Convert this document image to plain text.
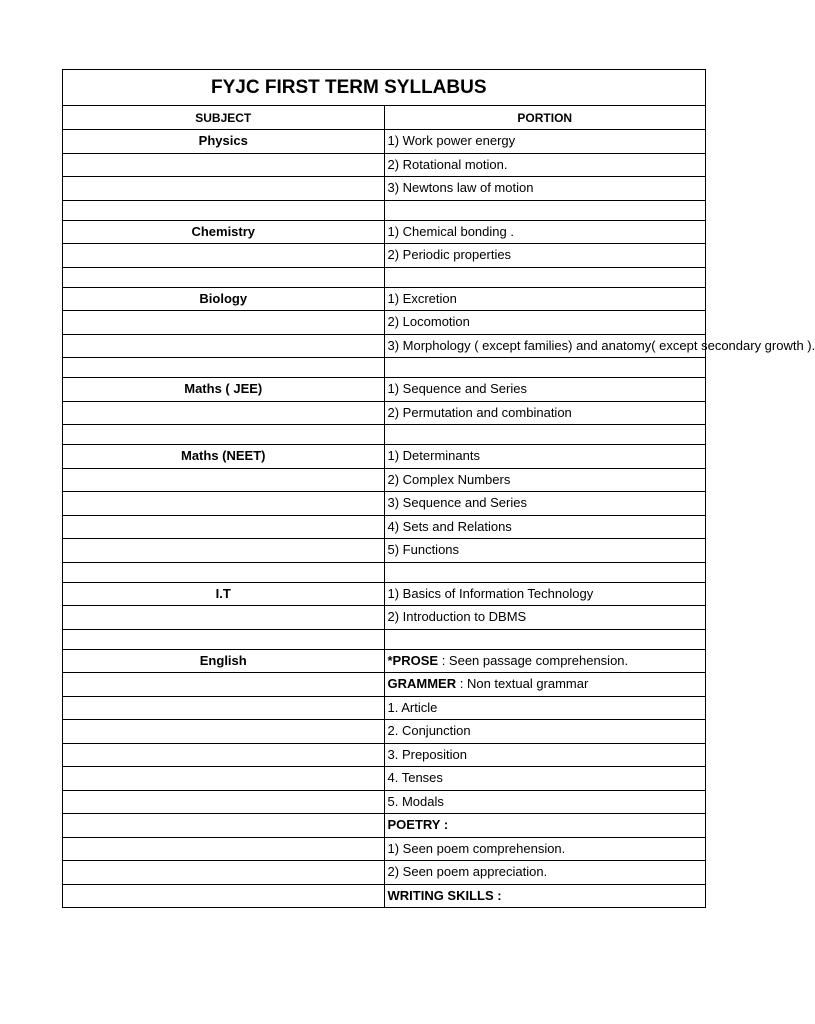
FYJC FIRST TERM SYLLABUS	
SUBJECT	PORTION
Physics	1) Work power energy
	2) Rotational motion.
	3) Newtons law of motion

Chemistry	1) Chemical bonding .
	2) Periodic properties

Biology	1) Excretion
	2) Locomotion
	3) Morphology ( except families) and anatomy( except secondary growth ).

Maths ( JEE)	1) Sequence and Series
	2) Permutation and combination

Maths (NEET)	1) Determinants
	2) Complex Numbers
	3) Sequence and Series
	4) Sets and Relations
	5) Functions

I.T	1) Basics of Information Technology
	2) Introduction to DBMS

English	*PROSE : Seen passage comprehension.
	GRAMMER : Non textual grammar
	1. Article
	2. Conjunction
	3. Preposition
	4. Tenses
	5. Modals
	POETRY :
	1) Seen poem comprehension.
	2) Seen poem appreciation.
	WRITING SKILLS :
